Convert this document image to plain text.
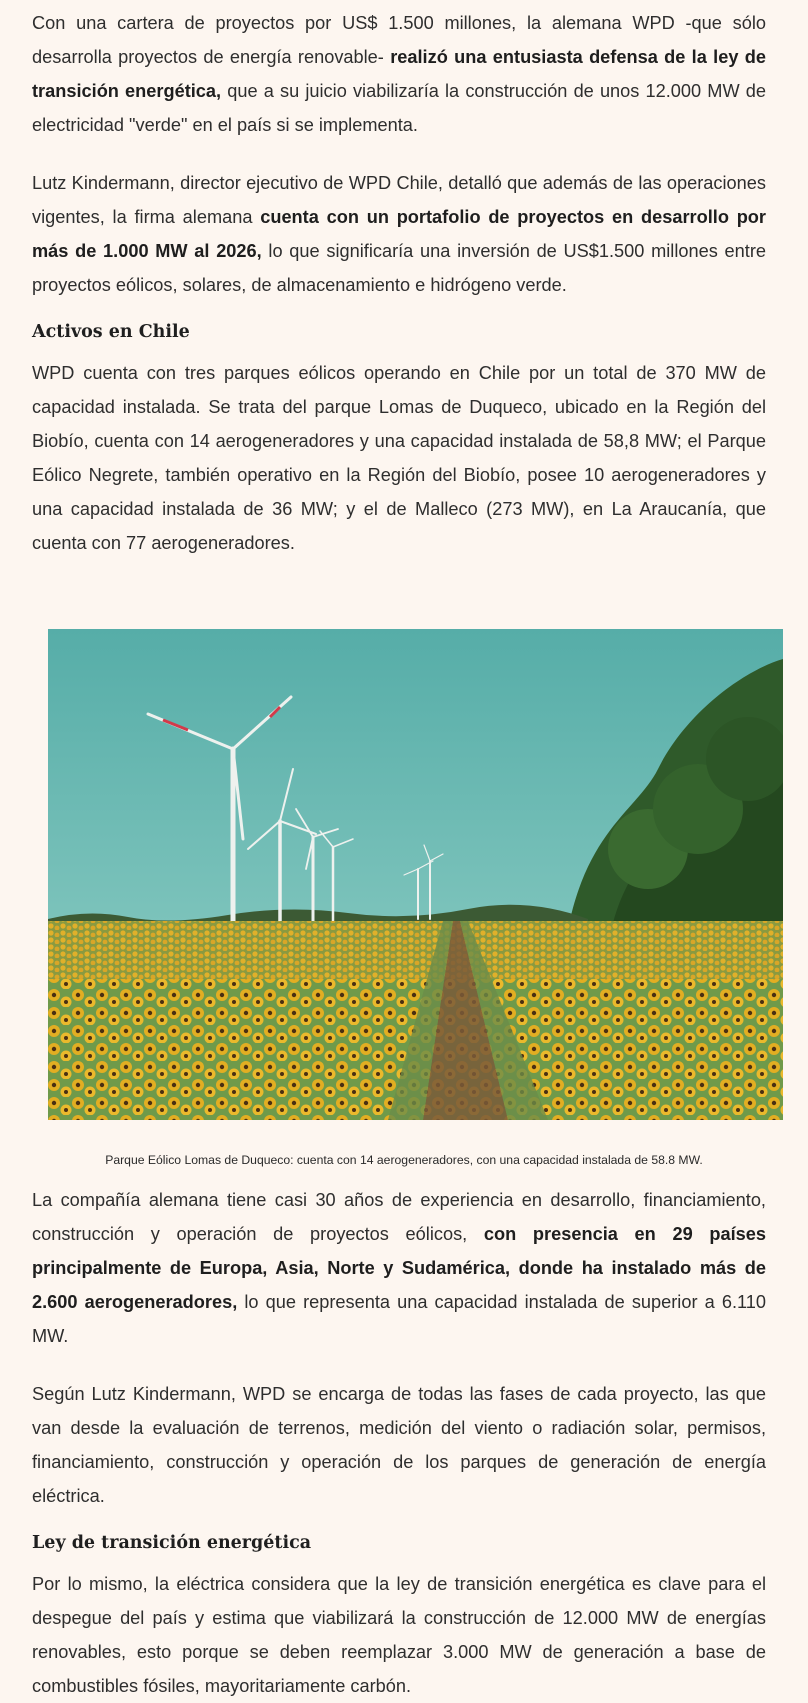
Con una cartera de proyectos por US$ 1.500 millones, la alemana WPD -que sólo desarrolla proyectos de energía renovable- realizó una entusiasta defensa de la ley de transición energética, que a su juicio viabilizaría la construcción de unos 12.000 MW de electricidad "verde" en el país si se implementa.

Lutz Kindermann, director ejecutivo de WPD Chile, detalló que además de las operaciones vigentes, la firma alemana cuenta con un portafolio de proyectos en desarrollo por más de 1.000 MW al 2026, lo que significaría una inversión de US$1.500 millones entre proyectos eólicos, solares, de almacenamiento e hidrógeno verde.

Activos en Chile

WPD cuenta con tres parques eólicos operando en Chile por un total de 370 MW de capacidad instalada. Se trata del parque Lomas de Duqueco, ubicado en la Región del Biobío, cuenta con 14 aerogeneradores y una capacidad instalada de 58,8 MW; el Parque Eólico Negrete, también operativo en la Región del Biobío, posee 10 aerogeneradores y una capacidad instalada de 36 MW; y el de Malleco (273 MW), en La Araucanía, que cuenta con 77 aerogeneradores.

Parque Eólico Lomas de Duqueco: cuenta con 14 aerogeneradores, con una capacidad instalada de 58.8 MW.

La compañía alemana tiene casi 30 años de experiencia en desarrollo, financiamiento, construcción y operación de proyectos eólicos, con presencia en 29 países principalmente de Europa, Asia, Norte y Sudamérica, donde ha instalado más de 2.600 aerogeneradores, lo que representa una capacidad instalada de superior a 6.110 MW.

Según Lutz Kindermann, WPD se encarga de todas las fases de cada proyecto, las que van desde la evaluación de terrenos, medición del viento o radiación solar, permisos, financiamiento, construcción y operación de los parques de generación de energía eléctrica.

Ley de transición energética

Por lo mismo, la eléctrica considera que la ley de transición energética es clave para el despegue del país y estima que viabilizará la construcción de 12.000 MW de energías renovables, esto porque se deben reemplazar 3.000 MW de generación a base de combustibles fósiles, mayoritariamente carbón.
